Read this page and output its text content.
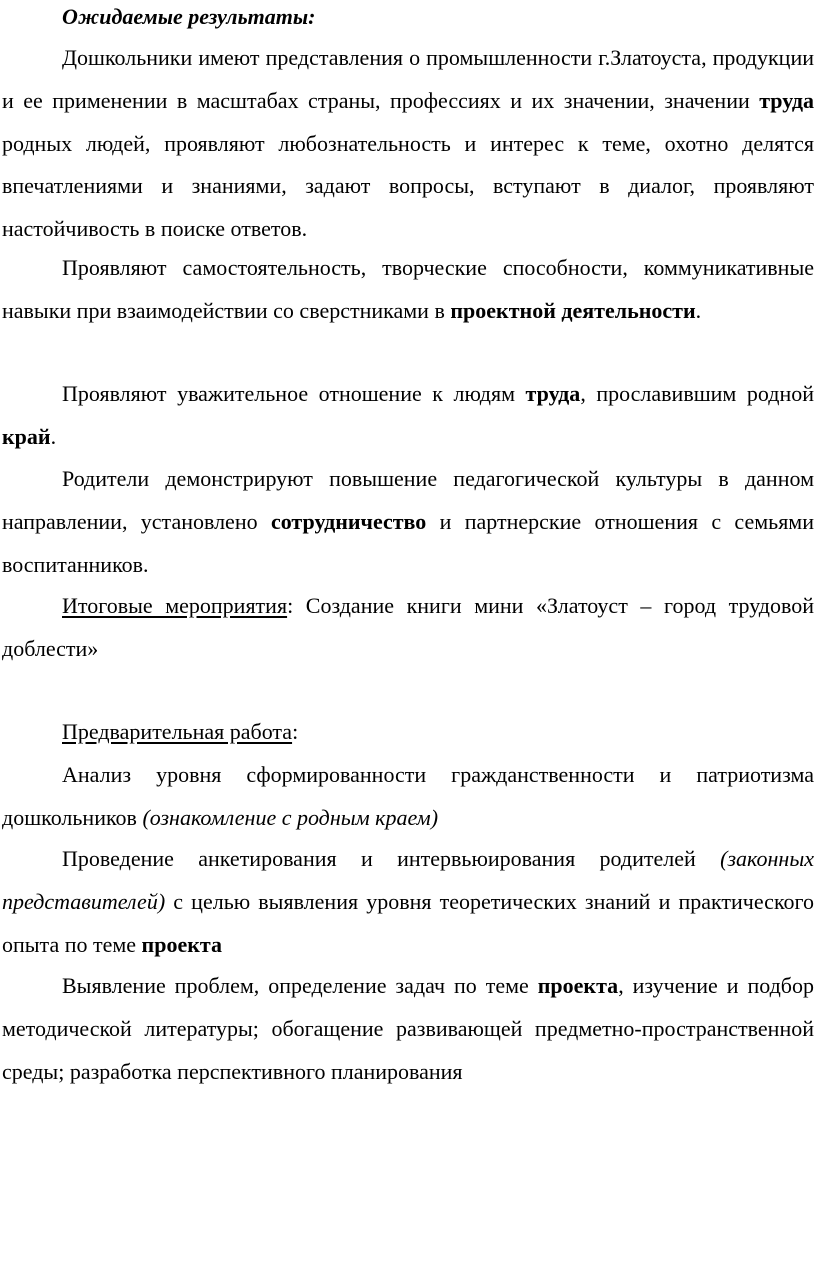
Ожидаемые результаты:

Дошкольники имеют представления о промышленности г.Златоуста, продукции и ее применении в масштабах страны, профессиях и их значении, значении труда родных людей, проявляют любознательность и интерес к теме, охотно делятся впечатлениями и знаниями, задают вопросы, вступают в диалог, проявляют настойчивость в поиске ответов.

Проявляют самостоятельность, творческие способности, коммуникативные навыки при взаимодействии со сверстниками в проектной деятельности.

Проявляют уважительное отношение к людям труда, прославившим родной край.

Родители демонстрируют повышение педагогической культуры в данном направлении, установлено сотрудничество и партнерские отношения с семьями воспитанников.

Итоговые мероприятия: Создание книги мини «Златоуст – город трудовой доблести»

Предварительная работа:

Анализ уровня сформированности гражданственности и патриотизма дошкольников (ознакомление с родным краем)

Проведение анкетирования и интервьюирования родителей (законных представителей) с целью выявления уровня теоретических знаний и практического опыта по теме проекта

Выявление проблем, определение задач по теме проекта, изучение и подбор методической литературы; обогащение развивающей предметно-пространственной среды; разработка перспективного планирования
